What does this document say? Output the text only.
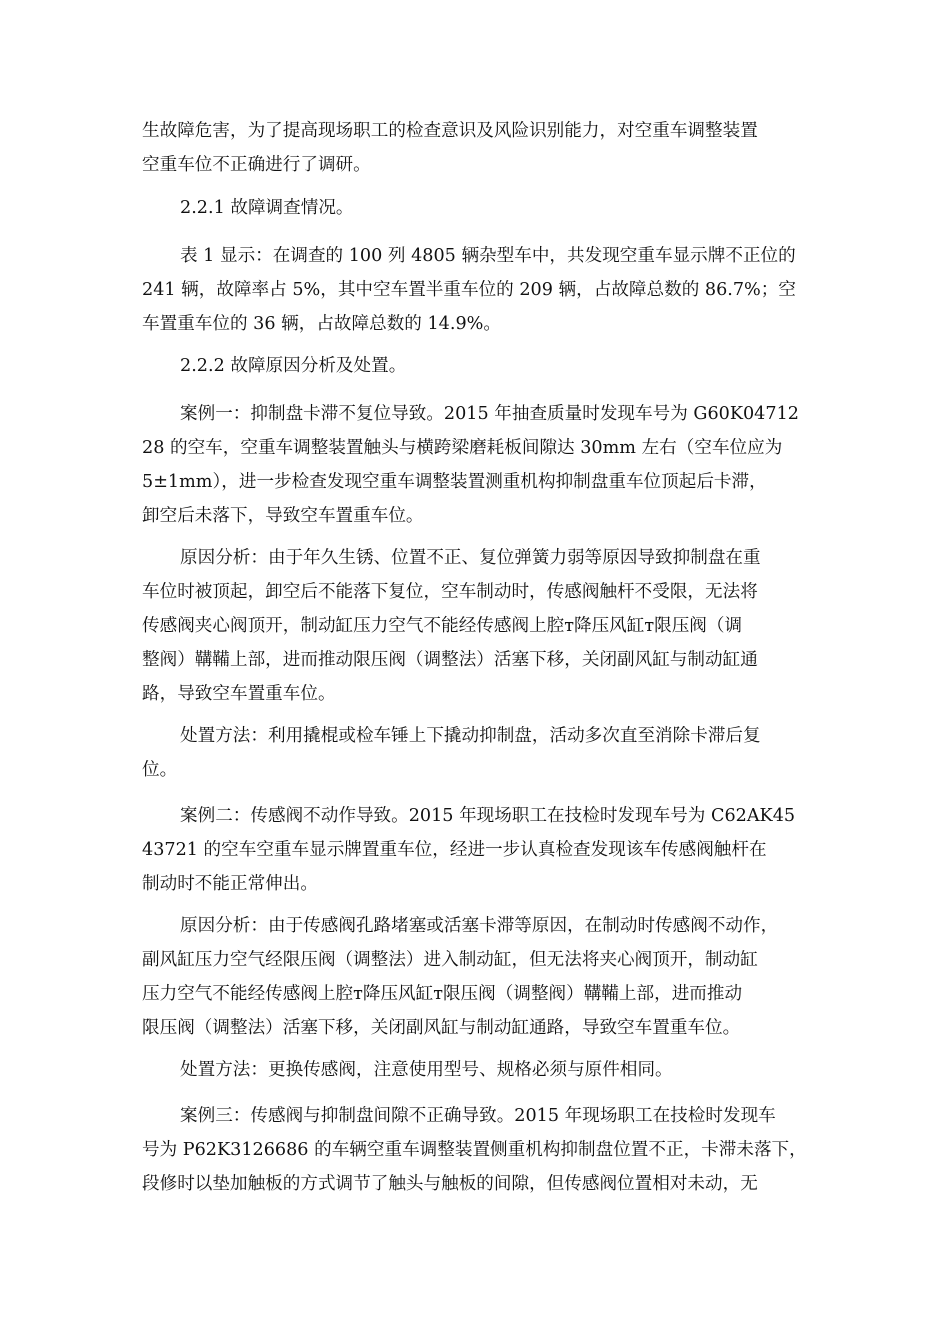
生故障危害，为了提高现场职工的检查意识及风险识别能力，对空重车调整装置
空重车位不正确进行了调研。

2.2.1 故障调查情况。

表 1 显示：在调查的 100 列 4805 辆杂型车中，共发现空重车显示牌不正位的
241 辆，故障率占 5%，其中空车置半重车位的 209 辆，占故障总数的 86.7%；空
车置重车位的 36 辆，占故障总数的 14.9%。

2.2.2 故障原因分析及处置。

案例一：抑制盘卡滞不复位导致。2015 年抽查质量时发现车号为 G60K04712
28 的空车，空重车调整装置触头与横跨梁磨耗板间隙达 30mm 左右（空车位应为
5±1mm），进一步检查发现空重车调整装置测重机构抑制盘重车位顶起后卡滞，
卸空后未落下，导致空车置重车位。

原因分析：由于年久生锈、位置不正、复位弹簧力弱等原因导致抑制盘在重
车位时被顶起，卸空后不能落下复位，空车制动时，传感阀触杆不受限，无法将
传感阀夹心阀顶开，制动缸压力空气不能经传感阀上腔ᴛ降压风缸ᴛ限压阀（调
整阀）鞲鞴上部，进而推动限压阀（调整法）活塞下移，关闭副风缸与制动缸通
路，导致空车置重车位。

处置方法：利用撬棍或检车锤上下撬动抑制盘，活动多次直至消除卡滞后复
位。

案例二：传感阀不动作导致。2015 年现场职工在技检时发现车号为 C62AK45
43721 的空车空重车显示牌置重车位，经进一步认真检查发现该车传感阀触杆在
制动时不能正常伸出。

原因分析：由于传感阀孔路堵塞或活塞卡滞等原因，在制动时传感阀不动作，
副风缸压力空气经限压阀（调整法）进入制动缸，但无法将夹心阀顶开，制动缸
压力空气不能经传感阀上腔ᴛ降压风缸ᴛ限压阀（调整阀）鞲鞴上部，进而推动
限压阀（调整法）活塞下移，关闭副风缸与制动缸通路，导致空车置重车位。

处置方法：更换传感阀，注意使用型号、规格必须与原件相同。

案例三：传感阀与抑制盘间隙不正确导致。2015 年现场职工在技检时发现车
号为 P62K3126686 的车辆空重车调整装置侧重机构抑制盘位置不正，卡滞未落下，
段修时以垫加触板的方式调节了触头与触板的间隙，但传感阀位置相对未动，无
